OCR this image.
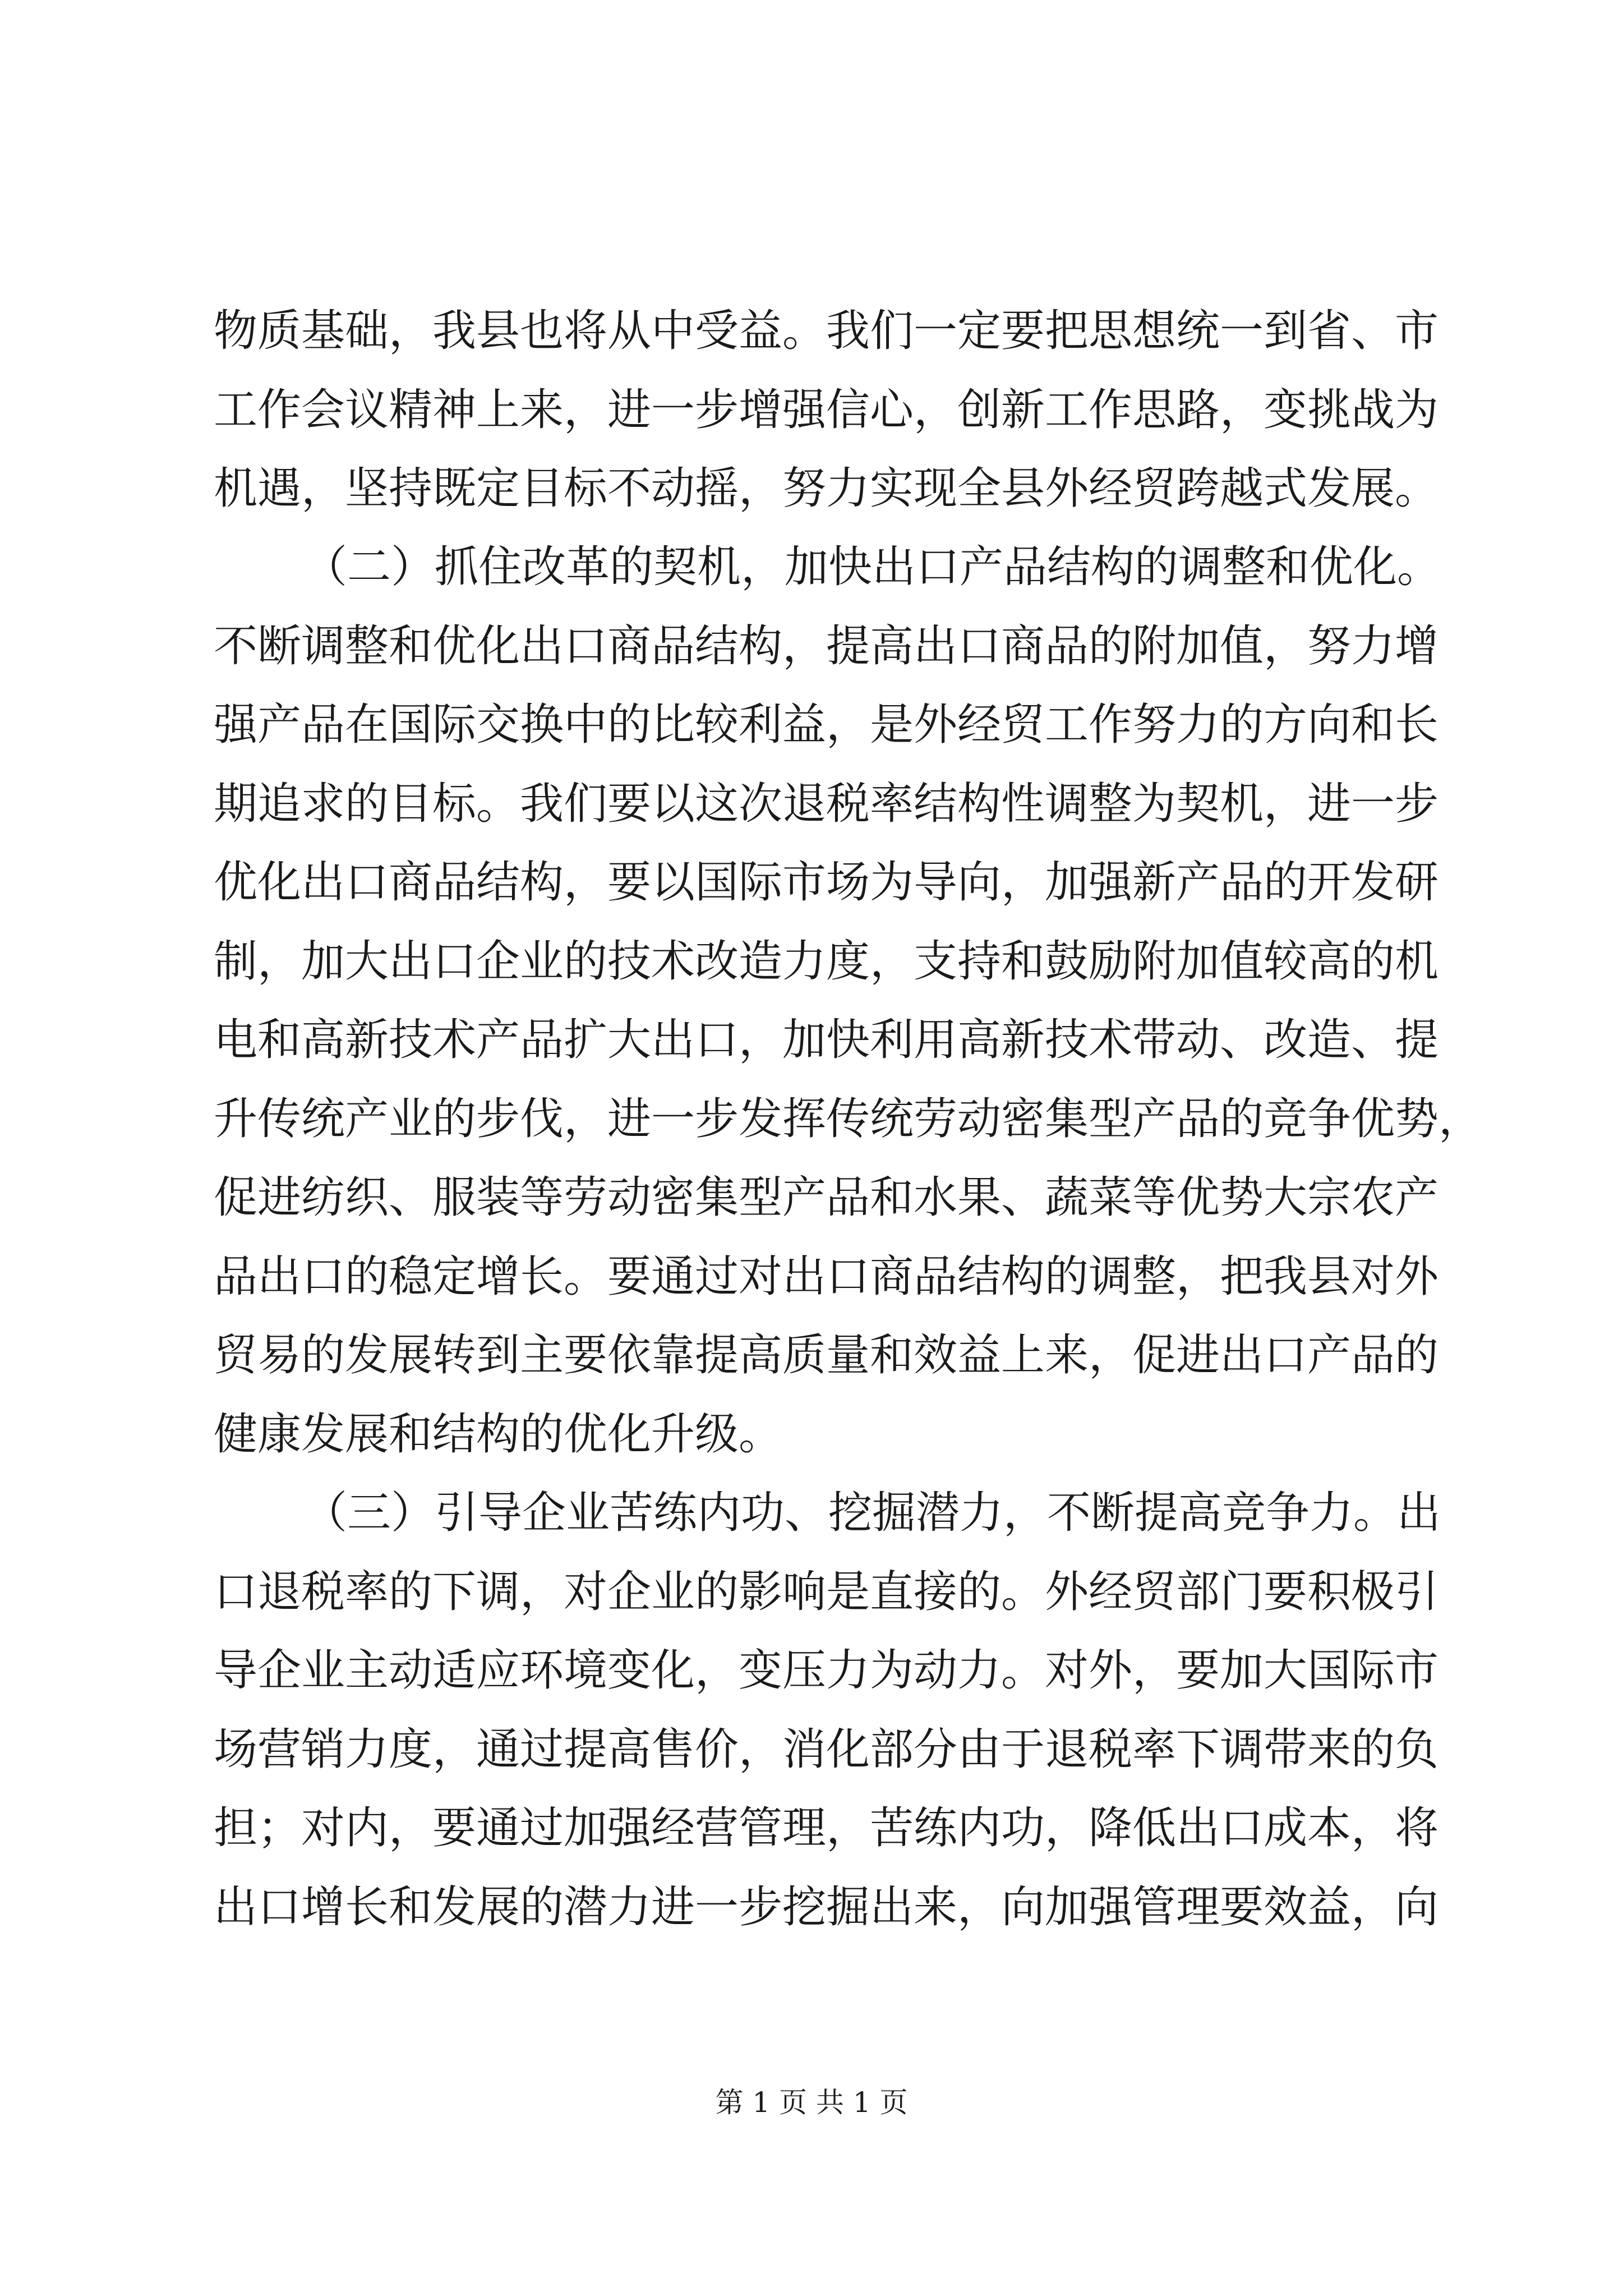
物质基础，我县也将从中受益。我们一定要把思想统一到省、市
工作会议精神上来，进一步增强信心，创新工作思路，变挑战为
机遇，坚持既定目标不动摇，努力实现全县外经贸跨越式发展。
（二）抓住改革的契机，加快出口产品结构的调整和优化。
不断调整和优化出口商品结构，提高出口商品的附加值，努力增
强产品在国际交换中的比较利益，是外经贸工作努力的方向和长
期追求的目标。我们要以这次退税率结构性调整为契机，进一步
优化出口商品结构，要以国际市场为导向，加强新产品的开发研
制，加大出口企业的技术改造力度，支持和鼓励附加值较高的机
电和高新技术产品扩大出口，加快利用高新技术带动、改造、提
升传统产业的步伐，进一步发挥传统劳动密集型产品的竞争优势，
促进纺织、服装等劳动密集型产品和水果、蔬菜等优势大宗农产
品出口的稳定增长。要通过对出口商品结构的调整，把我县对外
贸易的发展转到主要依靠提高质量和效益上来，促进出口产品的
健康发展和结构的优化升级。
（三）引导企业苦练内功、挖掘潜力，不断提高竞争力。出
口退税率的下调，对企业的影响是直接的。外经贸部门要积极引
导企业主动适应环境变化，变压力为动力。对外，要加大国际市
场营销力度，通过提高售价，消化部分由于退税率下调带来的负
担；对内，要通过加强经营管理，苦练内功，降低出口成本，将
出口增长和发展的潜力进一步挖掘出来，向加强管理要效益，向
第 1 页 共 1 页
